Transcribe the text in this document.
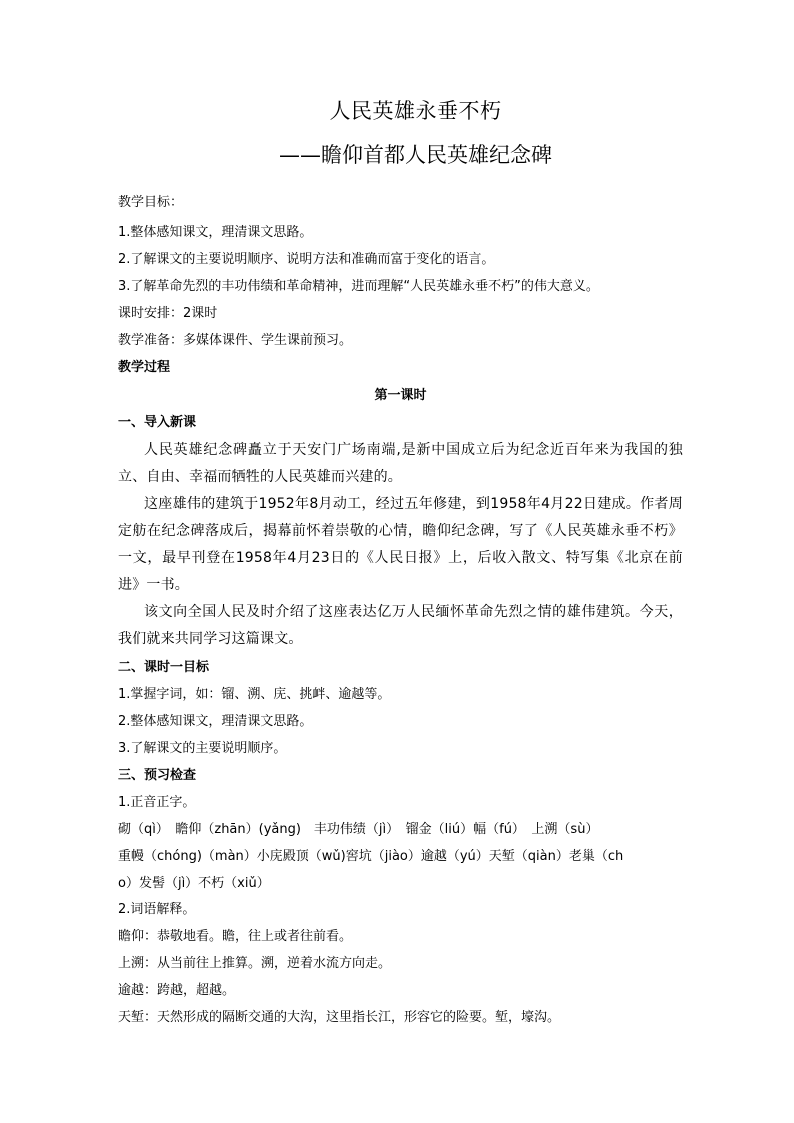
人民英雄永垂不朽
——瞻仰首都人民英雄纪念碑
教学目标：
1.整体感知课文，理清课文思路。
2.了解课文的主要说明顺序、说明方法和准确而富于变化的语言。
3.了解革命先烈的丰功伟绩和革命精神，进而理解“人民英雄永垂不朽”的伟大意义。
课时安排：2课时
教学准备：多媒体课件、学生课前预习。
教学过程
第一课时
一、导入新课
人民英雄纪念碑矗立于天安门广场南端,是新中国成立后为纪念近百年来为我国的独立、自由、幸福而牺牲的人民英雄而兴建的。
这座雄伟的建筑于1952年8月动工，经过五年修建，到1958年4月22日建成。作者周定舫在纪念碑落成后，揭幕前怀着崇敬的心情，瞻仰纪念碑，写了《人民英雄永垂不朽》一文，最早刊登在1958年4月23日的《人民日报》上，后收入散文、特写集《北京在前进》一书。
该文向全国人民及时介绍了这座表达亿万人民缅怀革命先烈之情的雄伟建筑。今天，我们就来共同学习这篇课文。
二、课时一目标
1.掌握字词，如：镏、溯、庑、挑衅、逾越等。
2.整体感知课文，理清课文思路。
3.了解课文的主要说明顺序。
三、预习检查
1.正音正字。
砌（qì）　瞻仰（zhān）(yǎng)　丰功伟绩（jì）　镏金（liú）幅（fú）　上溯（sù）
重幔（chóng)（màn）小庑殿顶（wǔ)窖坑（jiào）逾越（yú）天堑（qiàn）老巢（ch
o）发髻（jì）不朽（xiǔ）
2.词语解释。
瞻仰：恭敬地看。瞻，往上或者往前看。
上溯：从当前往上推算。溯，逆着水流方向走。
逾越：跨越，超越。
天堑：天然形成的隔断交通的大沟，这里指长江，形容它的险要。堑，壕沟。
